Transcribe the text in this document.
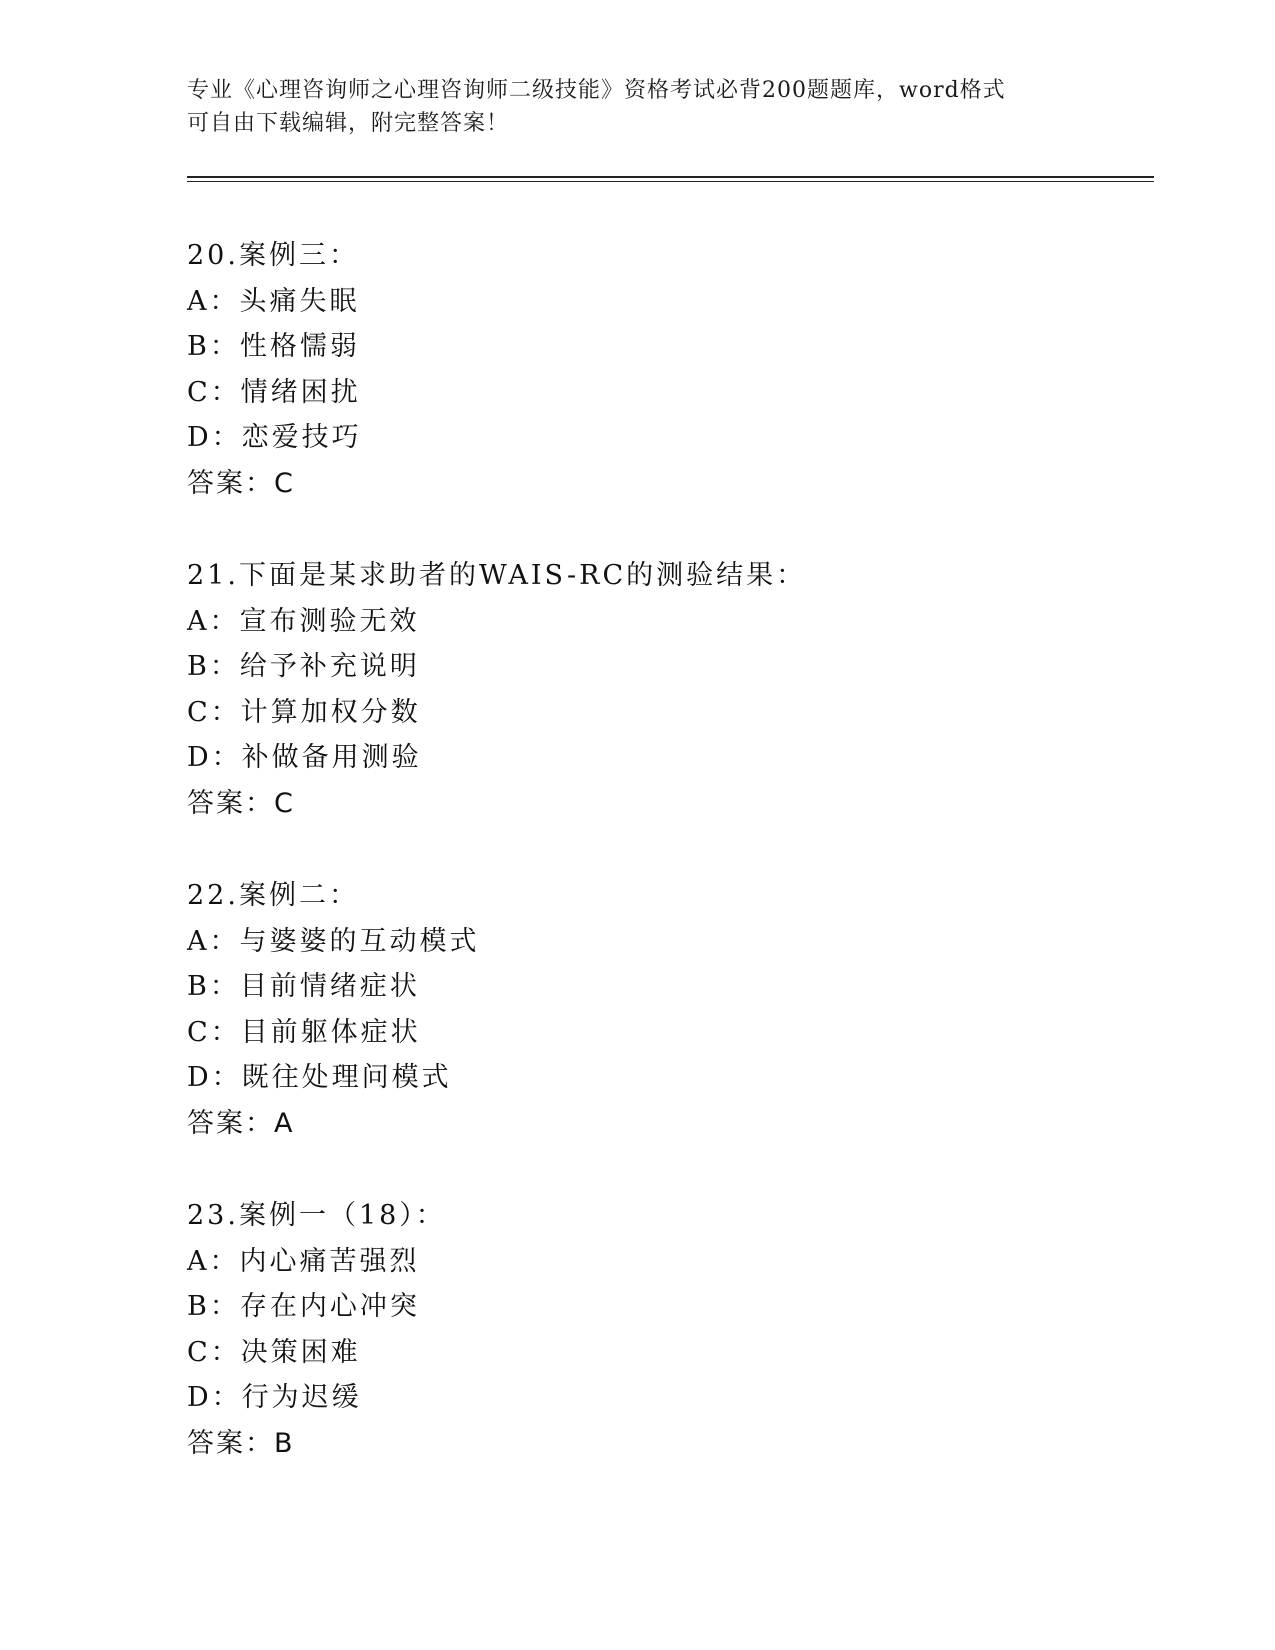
专业《心理咨询师之心理咨询师二级技能》资格考试必背200题题库，word格式
可自由下载编辑，附完整答案！
20.案例三：
A：头痛失眠
B：性格懦弱
C：情绪困扰
D：恋爱技巧
答案：C
21.下面是某求助者的WAIS-RC的测验结果：
A：宣布测验无效
B：给予补充说明
C：计算加权分数
D：补做备用测验
答案：C
22.案例二：
A：与婆婆的互动模式
B：目前情绪症状
C：目前躯体症状
D：既往处理问模式
答案：A
23.案例一（18）：
A：内心痛苦强烈
B：存在内心冲突
C：决策困难
D：行为迟缓
答案：B
